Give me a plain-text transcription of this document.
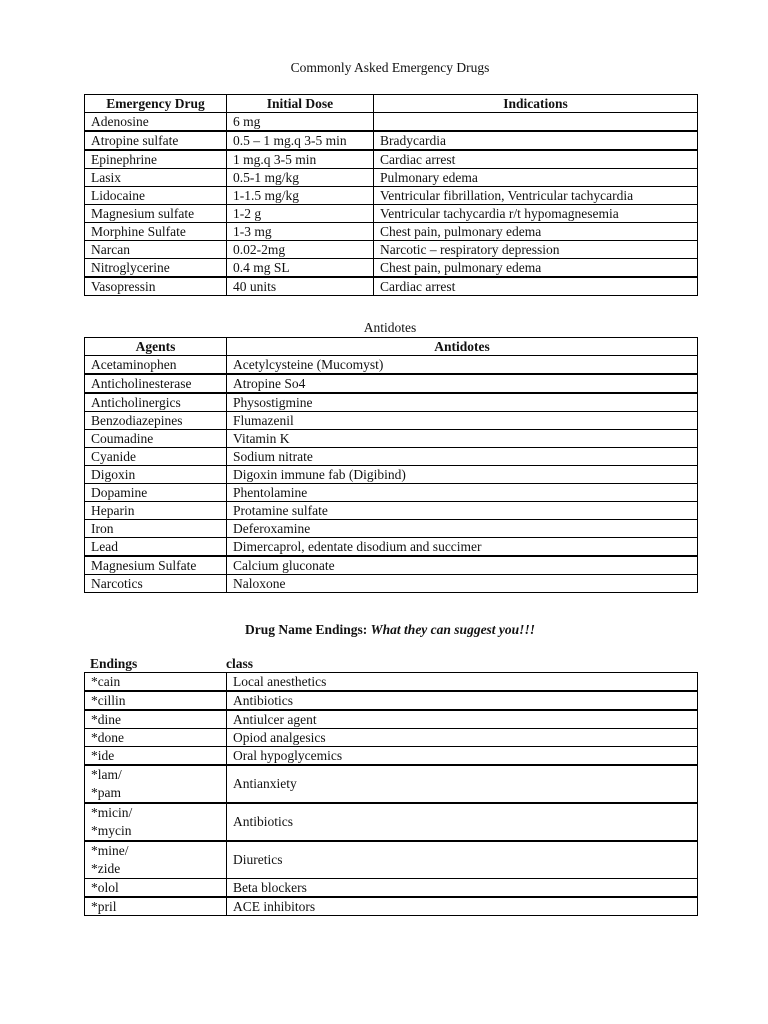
Commonly Asked Emergency Drugs
Emergency Drug	Initial Dose	Indications
Adenosine	6 mg	
Atropine sulfate	0.5 – 1 mg.q 3-5 min	Bradycardia
Epinephrine	1 mg.q 3-5 min	Cardiac arrest
Lasix	0.5-1 mg/kg	Pulmonary edema
Lidocaine	1-1.5 mg/kg	Ventricular fibrillation, Ventricular tachycardia
Magnesium sulfate	1-2 g	Ventricular tachycardia r/t hypomagnesemia
Morphine Sulfate	1-3 mg	Chest pain, pulmonary edema
Narcan	0.02-2mg	Narcotic – respiratory depression
Nitroglycerine	0.4 mg SL	Chest pain, pulmonary edema
Vasopressin	40 units	Cardiac arrest
Antidotes
Agents	Antidotes
Acetaminophen	Acetylcysteine (Mucomyst)
Anticholinesterase	Atropine So4
Anticholinergics	Physostigmine
Benzodiazepines	Flumazenil
Coumadine	Vitamin K
Cyanide	Sodium nitrate
Digoxin	Digoxin immune fab (Digibind)
Dopamine	Phentolamine
Heparin	Protamine sulfate
Iron	Deferoxamine
Lead	Dimercaprol, edentate disodium and succimer
Magnesium Sulfate	Calcium gluconate
Narcotics	Naloxone
Drug Name Endings: What they can suggest you!!!
Endings	class
*cain	Local anesthetics

*cillin	Antibiotics

*dine	Antiulcer agent

*done	Opiod analgesics

*ide	Oral hypoglycemics

*lam/
*pam	Antianxiety

*micin/
*mycin	Antibiotics

*mine/
*zide	Diuretics

*olol	Beta blockers

*pril	ACE inhibitors
